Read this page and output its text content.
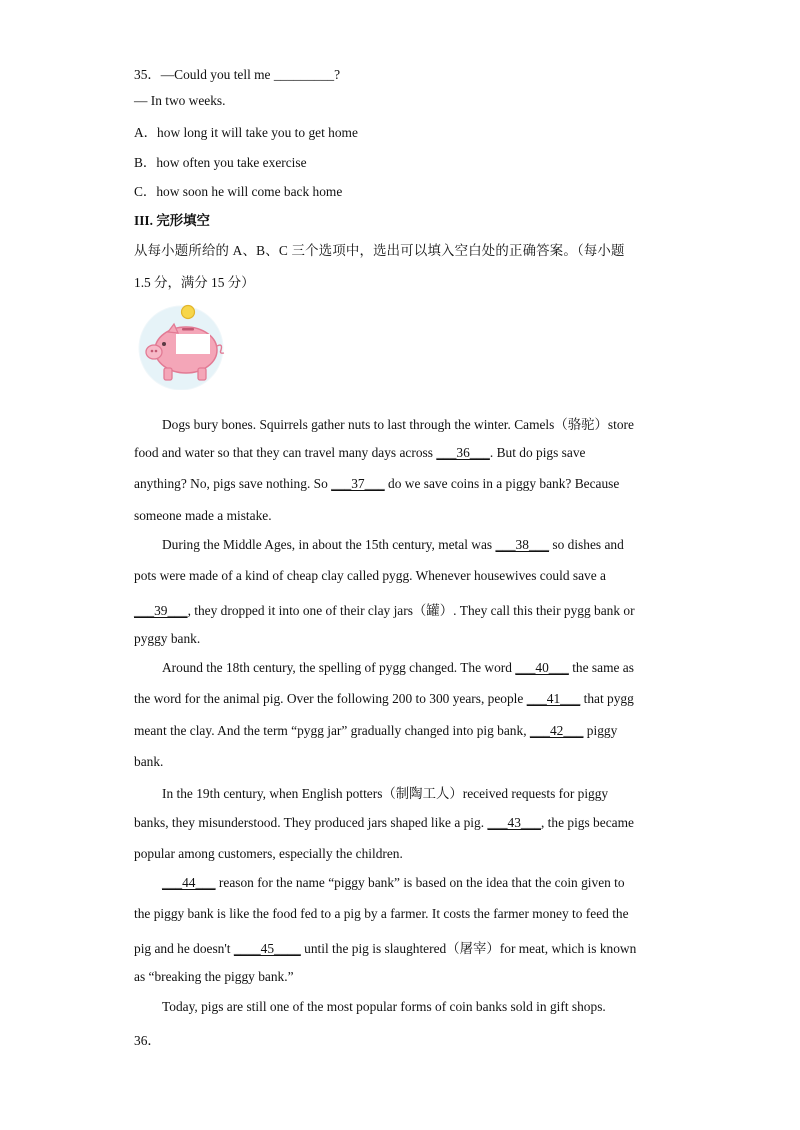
35．—Could you tell me _________?
— In two weeks.
A．how long it will take you to get home
B．how often you take exercise
C．how soon he will come back home
III. 完形填空
从每小题所给的 A、B、C 三个选项中，选出可以填入空白处的正确答案。（每小题
1.5 分，满分 15 分）
Dogs bury bones. Squirrels gather nuts to last through the winter. Camels（骆驼）store
food and water so that they can travel many days across ___36___. But do pigs save
anything? No, pigs save nothing. So ___37___ do we save coins in a piggy bank? Because
someone made a mistake.
During the Middle Ages, in about the 15th century, metal was ___38___ so dishes and
pots were made of a kind of cheap clay called pygg. Whenever housewives could save a
___39___, they dropped it into one of their clay jars（罐）. They call this their pygg bank or
pyggy bank.
Around the 18th century, the spelling of pygg changed. The word ___40___ the same as
the word for the animal pig. Over the following 200 to 300 years, people ___41___ that pygg
meant the clay. And the term “pygg jar” gradually changed into pig bank, ___42___ piggy
bank.
In the 19th century, when English potters（制陶工人）received requests for piggy
banks, they misunderstood. They produced jars shaped like a pig. ___43___, the pigs became
popular among customers, especially the children.
___44___ reason for the name “piggy bank” is based on the idea that the coin given to
the piggy bank is like the food fed to a pig by a farmer. It costs the farmer money to feed the
pig and he doesn't ____45____ until the pig is slaughtered（屠宰）for meat, which is known
as “breaking the piggy bank.”
Today, pigs are still one of the most popular forms of coin banks sold in gift shops.
36．
